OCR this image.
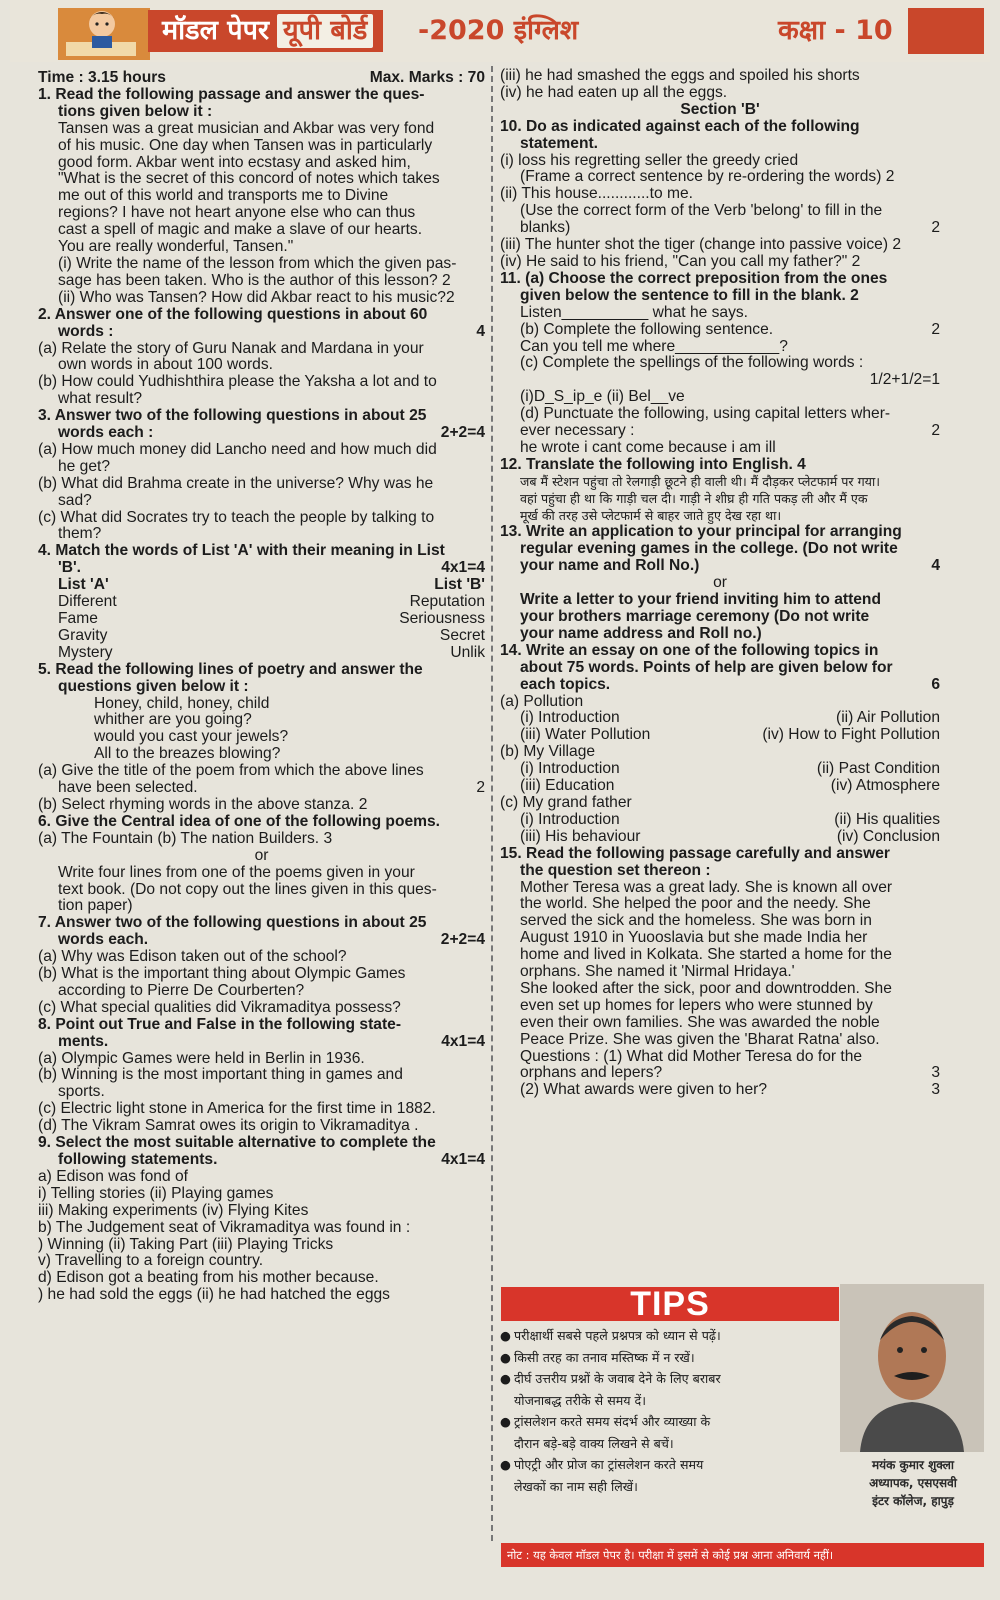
मॉडल पेपर यूपी बोर्ड	-2020 इंग्लिश	कक्षा - 10
Time : 3.15 hours	Max. Marks : 70
1. Read the following passage and answer the ques-
tions given below it :
Tansen was a great musician and Akbar was very fond
of his music. One day when Tansen was in particularly
good form. Akbar went into ecstasy and asked him,
"What is the secret of this concord of notes which takes
me out of this world and transports me to Divine
regions? I have not heart anyone else who can thus
cast a spell of magic and make a slave of our hearts.
You are really wonderful, Tansen."
(i) Write the name of the lesson from which the given pas-
sage has been taken. Who is the author of this lesson? 2
(ii) Who was Tansen? How did Akbar react to his music?2
2. Answer one of the following questions in about 60
words :	4
(a) Relate the story of Guru Nanak and Mardana in your
own words in about 100 words.
(b) How could Yudhishthira please the Yaksha a lot and to
what result?
3. Answer two of the following questions in about 25
words each :	2+2=4
(a) How much money did Lancho need and how much did
he get?
(b) What did Brahma create in the universe? Why was he
sad?
(c) What did Socrates try to teach the people by talking to
them?
4. Match the words of List 'A' with their meaning in List
'B'.	4x1=4
List 'A'	List 'B'
Different	Reputation
Fame	Seriousness
Gravity	Secret
Mystery	Unlik
5. Read the following lines of poetry and answer the
questions given below it :
Honey, child, honey, child
whither are you going?
would you cast your jewels?
All to the breazes blowing?
(a) Give the title of the poem from which the above lines
have been selected.	2
(b) Select rhyming words in the above stanza. 2
6. Give the Central idea of one of the following poems.
(a) The Fountain (b) The nation Builders. 3
or
Write four lines from one of the poems given in your
text book. (Do not copy out the lines given in this ques-
tion paper)
7. Answer two of the following questions in about 25
words each.	2+2=4
(a) Why was Edison taken out of the school?
(b) What is the important thing about Olympic Games
according to Pierre De Courberten?
(c) What special qualities did Vikramaditya possess?
8. Point out True and False in the following state-
ments.	4x1=4
(a) Olympic Games were held in Berlin in 1936.
(b) Winning is the most important thing in games and
sports.
(c) Electric light stone in America for the first time in 1882.
(d) The Vikram Samrat owes its origin to Vikramaditya .
9. Select the most suitable alternative to complete the
following statements.	4x1=4
a) Edison was fond of
i) Telling stories (ii) Playing games
iii) Making experiments (iv) Flying Kites
b) The Judgement seat of Vikramaditya was found in :
) Winning (ii) Taking Part (iii) Playing Tricks
v) Travelling to a foreign country.
d) Edison got a beating from his mother because.
) he had sold the eggs (ii) he had hatched the eggs
(iii) he had smashed the eggs and spoiled his shorts
(iv) he had eaten up all the eggs.
Section 'B'
10. Do as indicated against each of the following
statement.
(i) loss his regretting seller the greedy cried
(Frame a correct sentence by re-ordering the words) 2
(ii) This house............to me.
(Use the correct form of the Verb 'belong' to fill in the
blanks)	2
(iii) The hunter shot the tiger (change into passive voice) 2
(iv) He said to his friend, "Can you call my father?" 2
11. (a) Choose the correct preposition from the ones
given below the sentence to fill in the blank. 2
Listen__________ what he says.
(b) Complete the following sentence.	2
Can you tell me where____________?
(c) Complete the spellings of the following words :
1/2+1/2=1
(i)D_S_ip_e (ii) Bel__ve
(d) Punctuate the following, using capital letters wher-
ever necessary :	2
he wrote i cant come because i am ill
12. Translate the following into English. 4
जब मैं स्टेशन पहुंचा तो रेलगाड़ी छूटने ही वाली थी। मैं दौड़कर प्लेटफार्म पर गया।
वहां पहुंचा ही था कि गाड़ी चल दी। गाड़ी ने शीघ्र ही गति पकड़ ली और मैं एक
मूर्ख की तरह उसे प्लेटफार्म से बाहर जाते हुए देख रहा था।
13. Write an application to your principal for arranging
regular evening games in the college. (Do not write
your name and Roll No.)	4
or
Write a letter to your friend inviting him to attend
your brothers marriage ceremony (Do not write
your name address and Roll no.)
14. Write an essay on one of the following topics in
about 75 words. Points of help are given below for
each topics.	6
(a) Pollution
(i) Introduction	(ii) Air Pollution
(iii) Water Pollution	(iv) How to Fight Pollution
(b) My Village
(i) Introduction	(ii) Past Condition
(iii) Education	(iv) Atmosphere
(c) My grand father
(i) Introduction	(ii) His qualities
(iii) His behaviour	(iv) Conclusion
15. Read the following passage carefully and answer
the question set thereon :
Mother Teresa was a great lady. She is known all over
the world. She helped the poor and the needy. She
served the sick and the homeless. She was born in
August 1910 in Yuooslavia but she made India her
home and lived in Kolkata. She started a home for the
orphans. She named it 'Nirmal Hridaya.'
She looked after the sick, poor and downtrodden. She
even set up homes for lepers who were stunned by
even their own families. She was awarded the noble
Peace Prize. She was given the 'Bharat Ratna' also.
Questions : (1) What did Mother Teresa do for the
orphans and lepers?	3
(2) What awards were given to her?	3
TIPS
● परीक्षार्थी सबसे पहले प्रश्नपत्र को ध्यान से पढ़ें।
● किसी तरह का तनाव मस्तिष्क में न रखें।
● दीर्घ उत्तरीय प्रश्नों के जवाब देने के लिए बराबर
योजनाबद्ध तरीके से समय दें।
● ट्रांसलेशन करते समय संदर्भ और व्याख्या के
दौरान बड़े-बड़े वाक्य लिखने से बचें।
● पोएट्री और प्रोज का ट्रांसलेशन करते समय
लेखकों का नाम सही लिखें।
मयंक कुमार शुक्ला
अध्यापक, एसएसवी
इंटर कॉलेज, हापुड़
नोट : यह केवल मॉडल पेपर है। परीक्षा में इसमें से कोई प्रश्न आना अनिवार्य नहीं।
